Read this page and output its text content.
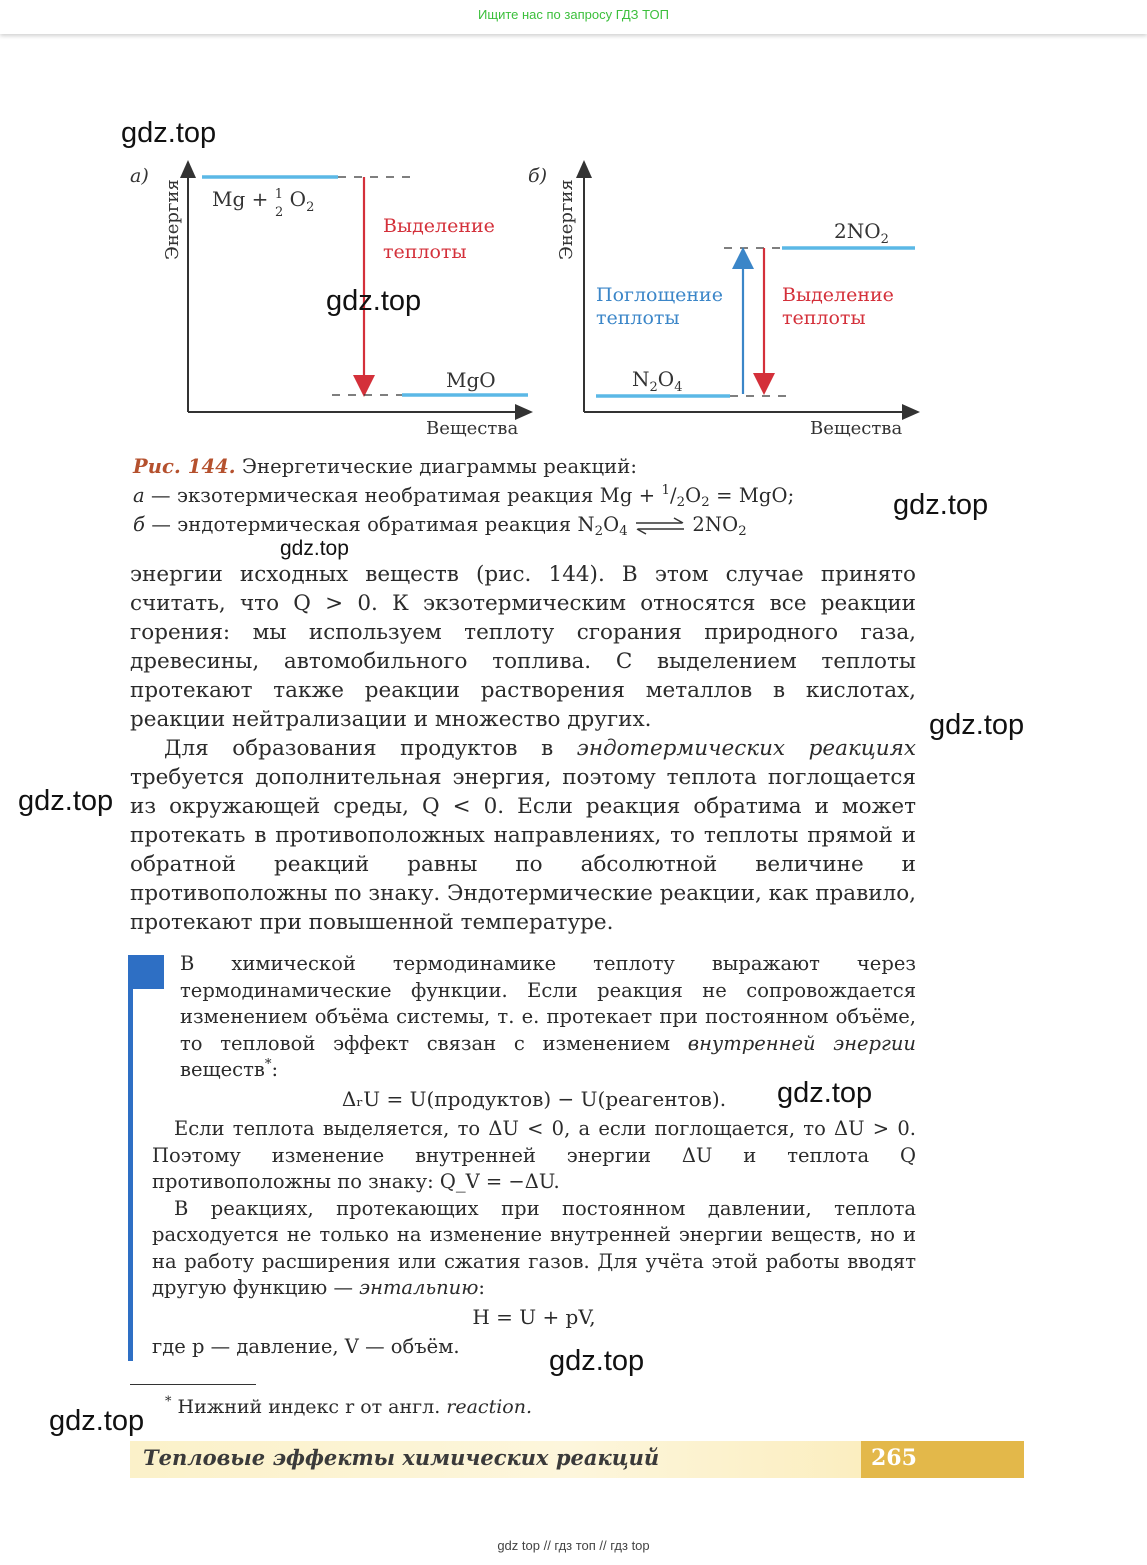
Ищите нас по запросу ГДЗ ТОП
а)
Энергия
Вещества
Mg + $^1$ 2 $O_2$
Выделение
теплоты
MgO
б)
Энергия
Вещества
$2NO_2$
Поглощение
теплоты
Выделение
теплоты
$N_2O_4$
Рис. 144. Энергетические диаграммы реакций:
а — экзотермическая необратимая реакция $Mg + ^1/_2O_2$ = MgO;
б — эндотермическая обратимая реакция $N_2O_4$ ⇌ $2NO_2$

энергии исходных веществ (рис. 144). В этом случае принято считать, что Q > 0. К экзотермическим относятся все реакции горения: мы используем теплоту сгорания природного газа, древесины, автомобильного топлива. С выделением теплоты протекают также реакции растворения металлов в кислотах, реакции нейтрализации и множество других.

Для образования продуктов в эндотермических реакциях требуется дополнительная энергия, поэтому теплота поглощается из окружающей среды, Q < 0. Если реакция обратима и может протекать в противоположных направлениях, то теплоты прямой и обратной реакций равны по абсолютной величине и противоположны по знаку. Эндотермические реакции, как правило, протекают при повышенной температуре.

В химической термодинамике теплоту выражают через термодинамические функции. Если реакция не сопровождается изменением объёма системы, т. е. протекает при постоянном объёме, то тепловой эффект связан с изменением внутренней энергии веществ*:

ΔᵣU = U(продуктов) − U(реагентов).

Если теплота выделяется, то ΔU < 0, а если поглощается, то ΔU > 0. Поэтому изменение внутренней энергии ΔU и теплота Q противоположны по знаку: Q_V = −ΔU.

В реакциях, протекающих при постоянном давлении, теплота расходуется не только на изменение внутренней энергии веществ, но и на работу расширения или сжатия газов. Для учёта этой работы вводят другую функцию — энтальпию:

H = U + pV,

где p — давление, V — объём.

* Нижний индекс r от англ. reaction.
Тепловые эффекты химических реакций	265
gdz top // гдз топ // гдз top
gdz.top
gdz.top
gdz.top
gdz.top
gdz.top
gdz.top
gdz.top
gdz.top
gdz.top
